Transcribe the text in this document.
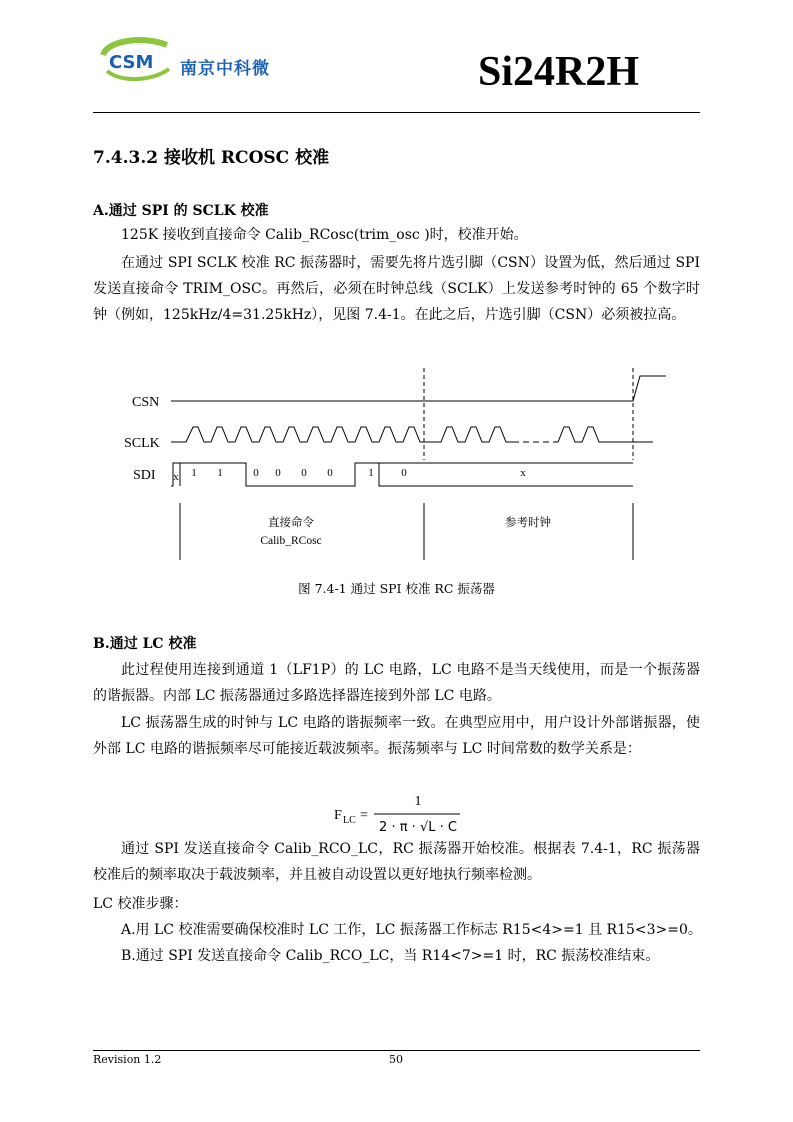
CSM 南京中科微	Si24R2H
7.4.3.2 接收机 RCOSC 校准
A.通过 SPI 的 SCLK 校准
125K 接收到直接命令 Calib_RCosc(trim_osc )时，校准开始。
在通过 SPI SCLK 校准 RC 振荡器时，需要先将片选引脚（CSN）设置为低，然后通过 SPI 发送直接命令 TRIM_OSC。再然后，必须在时钟总线（SCLK）上发送参考时钟的 65 个数字时钟（例如，125kHz/4=31.25kHz），见图 7.4-1。在此之后，片选引脚（CSN）必须被拉高。
CSN
SCLK
SDI x 1 1	0 0 0 0	1	0	x
直接命令
Calib_RCosc
参考时钟
图 7.4-1 通过 SPI 校准 RC 振荡器
B.通过 LC 校准
此过程使用连接到通道 1（LF1P）的 LC 电路，LC 电路不是当天线使用，而是一个振荡器的谐振器。内部 LC 振荡器通过多路选择器连接到外部 LC 电路。
LC 振荡器生成的时钟与 LC 电路的谐振频率一致。在典型应用中，用户设计外部谐振器，使外部 LC 电路的谐振频率尽可能接近载波频率。振荡频率与 LC 时间常数的数学关系是：
F LC =
1
2 · π · √L · C
通过 SPI 发送直接命令 Calib_RCO_LC，RC 振荡器开始校准。根据表 7.4-1，RC 振荡器校准后的频率取决于载波频率，并且被自动设置以更好地执行频率检测。
LC 校准步骤：
A.用 LC 校准需要确保校准时 LC 工作，LC 振荡器工作标志 R15<4>=1 且 R15<3>=0。
B.通过 SPI 发送直接命令 Calib_RCO_LC，当 R14<7>=1 时，RC 振荡校准结束。
Revision 1.2	50
